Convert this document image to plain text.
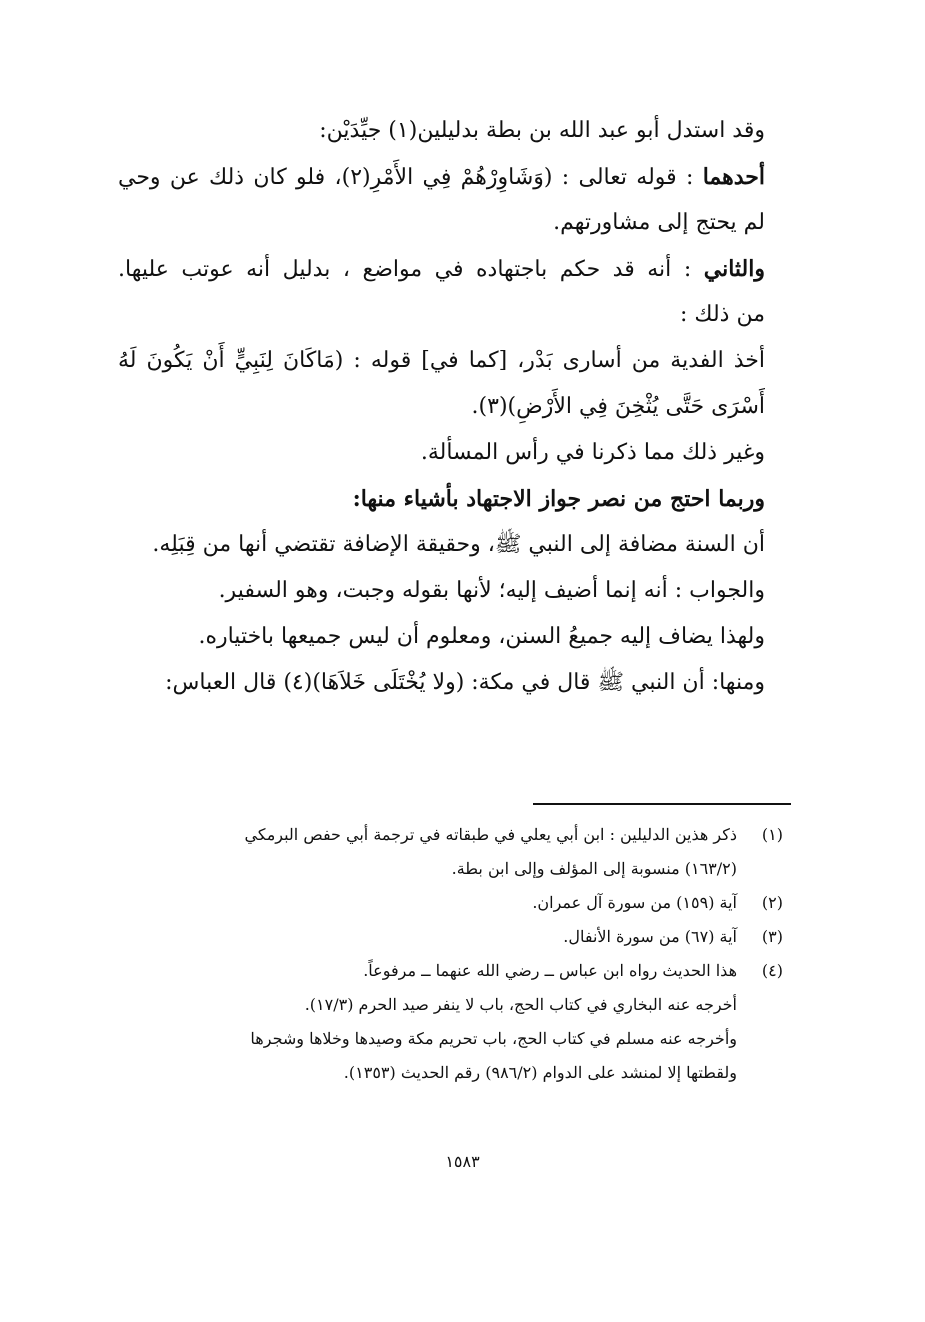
وقد استدل أبو عبد الله بن بطة بدليلين(١) جيِّدَيْن:
أحدهما : قوله تعالى : (وَشَاوِرْهُمْ فِي الأَمْرِ(٢)، فلو كان ذلك عن وحي
لم يحتج إلى مشاورتهم.
والثاني : أنه قد حكم باجتهاده في مواضع ، بدليل أنه عوتب عليها.
من ذلك :
أخذ الفدية من أسارى بَدْر، [كما في] قوله : (مَاكَانَ لِنَبِيٍّ أَنْ يَكُونَ لَهُ
أَسْرَى حَتَّى يُثْخِنَ فِي الأَرْضِ)(٣).
وغير ذلك مما ذكرنا في رأس المسألة.
وربما احتج من نصر جواز الاجتهاد بأشياء منها:
أن السنة مضافة إلى النبي ﷺ، وحقيقة الإضافة تقتضي أنها من قِبَلِه.
والجواب : أنه إنما أضيف إليه؛ لأنها بقوله وجبت، وهو السفير.
ولهذا يضاف إليه جميعُ السنن، ومعلوم أن ليس جميعها باختياره.
ومنها: أن النبي ﷺ قال في مكة: (ولا يُخْتَلَى خَلاَهَا)(٤) قال العباس:
(١)
ذكر هذين الدليلين : ابن أبي يعلي في طبقاته في ترجمة أبي حفص البرمكي
(١٦٣/٢) منسوبة إلى المؤلف وإلى ابن بطة.
(٢)
آية (١٥٩) من سورة آل عمران.
(٣)
آية (٦٧) من سورة الأنفال.
(٤)
هذا الحديث رواه ابن عباس ــ رضي الله عنهما ــ مرفوعاً.
أخرجه عنه البخاري في كتاب الحج، باب لا ينفر صيد الحرم (١٧/٣).
وأخرجه عنه مسلم في كتاب الحج، باب تحريم مكة وصيدها وخلاها وشجرها
ولقطتها إلا لمنشد على الدوام (٩٨٦/٢) رقم الحديث (١٣٥٣).
١٥٨٣
